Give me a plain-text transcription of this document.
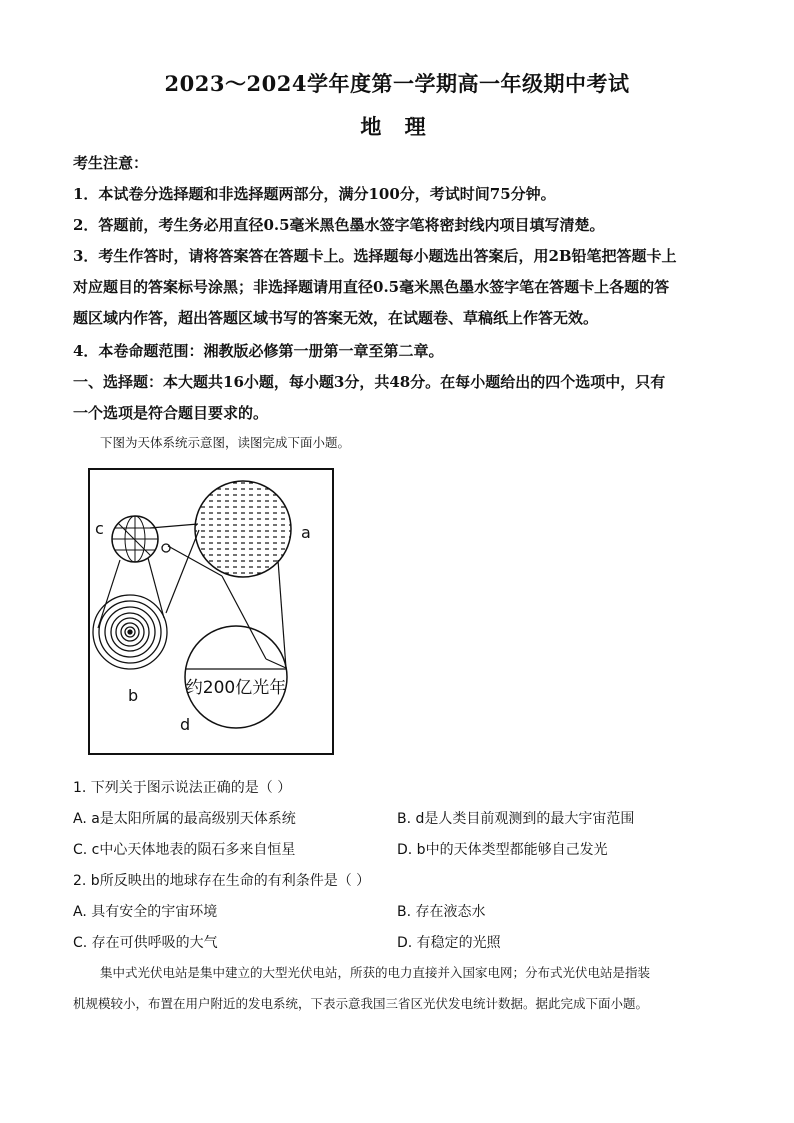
2023～2024学年度第一学期高一年级期中考试
地 理
考生注意：
1．本试卷分选择题和非选择题两部分，满分100分，考试时间75分钟。
2．答题前，考生务必用直径0.5毫米黑色墨水签字笔将密封线内项目填写清楚。
3．考生作答时，请将答案答在答题卡上。选择题每小题选出答案后，用2B铅笔把答题卡上
对应题目的答案标号涂黑；非选择题请用直径0.5毫米黑色墨水签字笔在答题卡上各题的答
题区域内作答，超出答题区域书写的答案无效，在试题卷、草稿纸上作答无效。
4．本卷命题范围：湘教版必修第一册第一章至第二章。
一、选择题：本大题共16小题，每小题3分，共48分。在每小题给出的四个选项中，只有
一个选项是符合题目要求的。
下图为天体系统示意图，读图完成下面小题。
c	a
b
d
约200亿光年
1. 下列关于图示说法正确的是（ ）
A. a是太阳所属的最高级别天体系统	B. d是人类目前观测到的最大宇宙范围
C. c中心天体地表的陨石多来自恒星	D. b中的天体类型都能够自己发光
2. b所反映出的地球存在生命的有利条件是（ ）
A. 具有安全的宇宙环境	B. 存在液态水
C. 存在可供呼吸的大气	D. 有稳定的光照
集中式光伏电站是集中建立的大型光伏电站，所获的电力直接并入国家电网；分布式光伏电站是指装
机规模较小，布置在用户附近的发电系统，下表示意我国三省区光伏发电统计数据。据此完成下面小题。
